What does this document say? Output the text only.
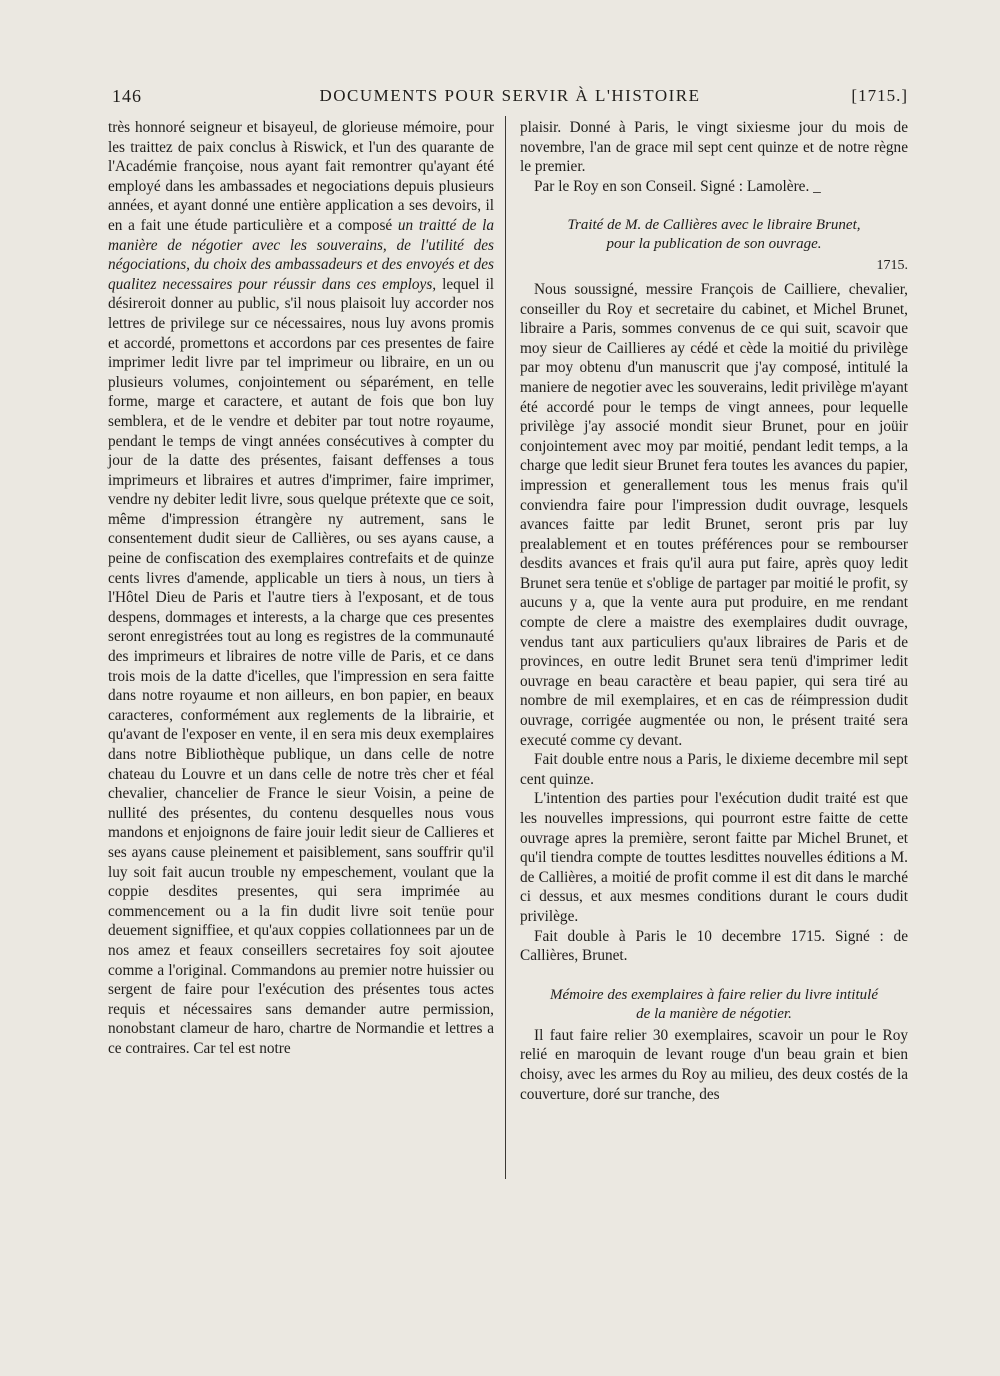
146	DOCUMENTS POUR SERVIR À L'HISTOIRE	[1715.]

très honnoré seigneur et bisayeul, de glorieuse mémoire, pour les traittez de paix conclus à Riswick, et l'un des quarante de l'Académie françoise, nous ayant fait remontrer qu'ayant été employé dans les ambassades et negociations depuis plusieurs années, et ayant donné une entière application a ses devoirs, il en a fait une étude particulière et a composé un traitté de la manière de négotier avec les souverains, de l'utilité des négociations, du choix des ambassadeurs et des envoyés et des qualitez necessaires pour réussir dans ces employs, lequel il désireroit donner au public, s'il nous plaisoit luy accorder nos lettres de privilege sur ce nécessaires, nous luy avons promis et accordé, promettons et accordons par ces presentes de faire imprimer ledit livre par tel imprimeur ou libraire, en un ou plusieurs volumes, conjointement ou séparément, en telle forme, marge et caractere, et autant de fois que bon luy semblera, et de le vendre et debiter par tout notre royaume, pendant le temps de vingt années consécutives à compter du jour de la datte des présentes, faisant deffenses a tous imprimeurs et libraires et autres d'imprimer, faire imprimer, vendre ny debiter ledit livre, sous quelque prétexte que ce soit, même d'impression étrangère ny autrement, sans le consentement dudit sieur de Callières, ou ses ayans cause, a peine de confiscation des exemplaires contrefaits et de quinze cents livres d'amende, applicable un tiers à nous, un tiers à l'Hôtel Dieu de Paris et l'autre tiers à l'exposant, et de tous despens, dommages et interests, a la charge que ces presentes seront enregistrées tout au long es registres de la communauté des imprimeurs et libraires de notre ville de Paris, et ce dans trois mois de la datte d'icelles, que l'impression en sera faitte dans notre royaume et non ailleurs, en bon papier, en beaux caracteres, conformément aux reglements de la librairie, et qu'avant de l'exposer en vente, il en sera mis deux exemplaires dans notre Bibliothèque publique, un dans celle de notre chateau du Louvre et un dans celle de notre très cher et féal chevalier, chancelier de France le sieur Voisin, a peine de nullité des présentes, du contenu desquelles nous vous mandons et enjoignons de faire jouir ledit sieur de Callieres et ses ayans cause pleinement et paisiblement, sans souffrir qu'il luy soit fait aucun trouble ny empeschement, voulant que la coppie desdites presentes, qui sera imprimée au commencement ou a la fin dudit livre soit tenüe pour deuement signiffiee, et qu'aux coppies collationnees par un de nos amez et feaux conseillers secretaires foy soit ajoutee comme a l'original. Commandons au premier notre huissier ou sergent de faire pour l'exécution des présentes tous actes requis et nécessaires sans demander autre permission, nonobstant clameur de haro, chartre de Normandie et lettres a ce contraires. Car tel est notre

plaisir. Donné à Paris, le vingt sixiesme jour du mois de novembre, l'an de grace mil sept cent quinze et de notre règne le premier.

Par le Roy en son Conseil. Signé : Lamolère. _

Traité de M. de Callières avec le libraire Brunet,
pour la publication de son ouvrage.

1715.

Nous soussigné, messire François de Cailliere, chevalier, conseiller du Roy et secretaire du cabinet, et Michel Brunet, libraire a Paris, sommes convenus de ce qui suit, scavoir que moy sieur de Caillieres ay cédé et cède la moitié du privilège par moy obtenu d'un manuscrit que j'ay composé, intitulé la maniere de negotier avec les souverains, ledit privilège m'ayant été accordé pour le temps de vingt annees, pour lequelle privilège j'ay associé mondit sieur Brunet, pour en joüir conjointement avec moy par moitié, pendant ledit temps, a la charge que ledit sieur Brunet fera toutes les avances du papier, impression et generallement tous les menus frais qu'il conviendra faire pour l'impression dudit ouvrage, lesquels avances faitte par ledit Brunet, seront pris par luy prealablement et en toutes préférences pour se rembourser desdits avances et frais qu'il aura put faire, après quoy ledit Brunet sera tenüe et s'oblige de partager par moitié le profit, sy aucuns y a, que la vente aura put produire, en me rendant compte de clere a maistre des exemplaires dudit ouvrage, vendus tant aux particuliers qu'aux libraires de Paris et de provinces, en outre ledit Brunet sera tenü d'imprimer ledit ouvrage en beau caractère et beau papier, qui sera tiré au nombre de mil exemplaires, et en cas de réimpression dudit ouvrage, corrigée augmentée ou non, le présent traité sera executé comme cy devant.

Fait double entre nous a Paris, le dixieme decembre mil sept cent quinze.

L'intention des parties pour l'exécution dudit traité est que les nouvelles impressions, qui pourront estre faitte de cette ouvrage apres la première, seront faitte par Michel Brunet, et qu'il tiendra compte de touttes lesdittes nouvelles éditions a M. de Callières, a moitié de profit comme il est dit dans le marché ci dessus, et aux mesmes conditions durant le cours dudit privilège.

Fait double à Paris le 10 decembre 1715. Signé : de Callières, Brunet.

Mémoire des exemplaires à faire relier du livre intitulé
de la manière de négotier.

Il faut faire relier 30 exemplaires, scavoir un pour le Roy relié en maroquin de levant rouge d'un beau grain et bien choisy, avec les armes du Roy au milieu, des deux costés de la couverture, doré sur tranche, des
